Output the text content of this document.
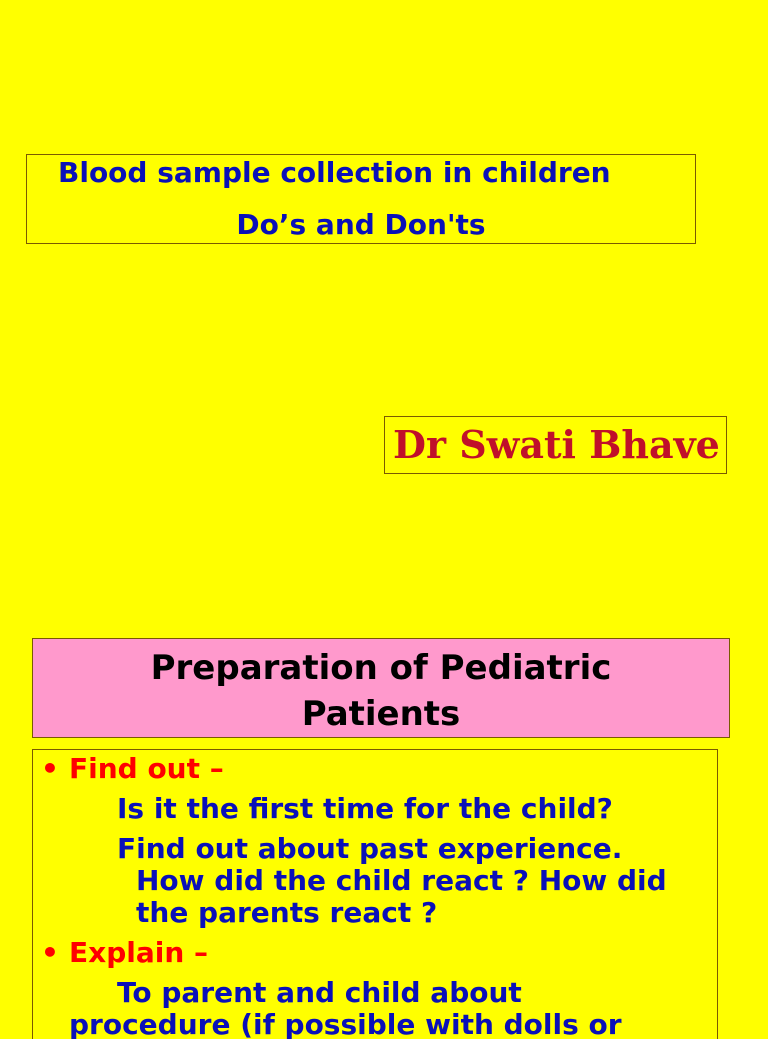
Blood sample collection in children
Do’s and Don'ts
Dr Swati Bhave
Preparation of Pediatric
Patients
• Find out –
Is it the first time for the child?
Find out about past experience.
How did the child react ? How did
the parents react ?
• Explain –
To parent and child about
procedure (if possible with dolls or
